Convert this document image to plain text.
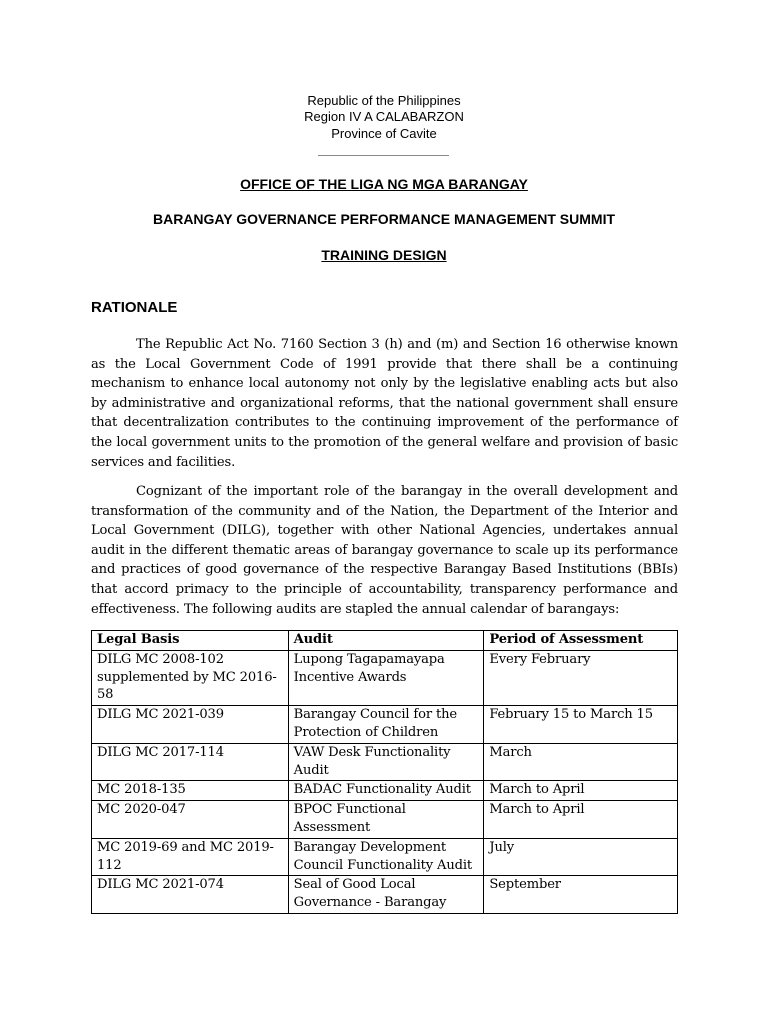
Republic of the Philippines
Region IV A CALABARZON
Province of Cavite
OFFICE OF THE LIGA NG MGA BARANGAY
BARANGAY GOVERNANCE PERFORMANCE MANAGEMENT SUMMIT
TRAINING DESIGN
RATIONALE

The Republic Act No. 7160 Section 3 (h) and (m) and Section 16 otherwise known as the Local Government Code of 1991 provide that there shall be a continuing mechanism to enhance local autonomy not only by the legislative enabling acts but also by administrative and organizational reforms, that the national government shall ensure that decentralization contributes to the continuing improvement of the performance of the local government units to the promotion of the general welfare and provision of basic services and facilities.

Cognizant of the important role of the barangay in the overall development and transformation of the community and of the Nation, the Department of the Interior and Local Government (DILG), together with other National Agencies, undertakes annual audit in the different thematic areas of barangay governance to scale up its performance and practices of good governance of the respective Barangay Based Institutions (BBIs) that accord primacy to the principle of accountability, transparency performance and effectiveness. The following audits are stapled the annual calendar of barangays:

Legal Basis	Audit	Period of Assessment
DILG MC 2008-102 supplemented by MC 2016-58	Lupong Tagapamayapa Incentive Awards	Every February
DILG MC 2021-039	Barangay Council for the Protection of Children	February 15 to March 15
DILG MC 2017-114	VAW Desk Functionality Audit	March
MC 2018-135	BADAC Functionality Audit	March to April
MC 2020-047	BPOC Functional Assessment	March to April
MC 2019-69 and MC 2019-112	Barangay Development Council Functionality Audit	July
DILG MC 2021-074	Seal of Good Local Governance - Barangay	September
